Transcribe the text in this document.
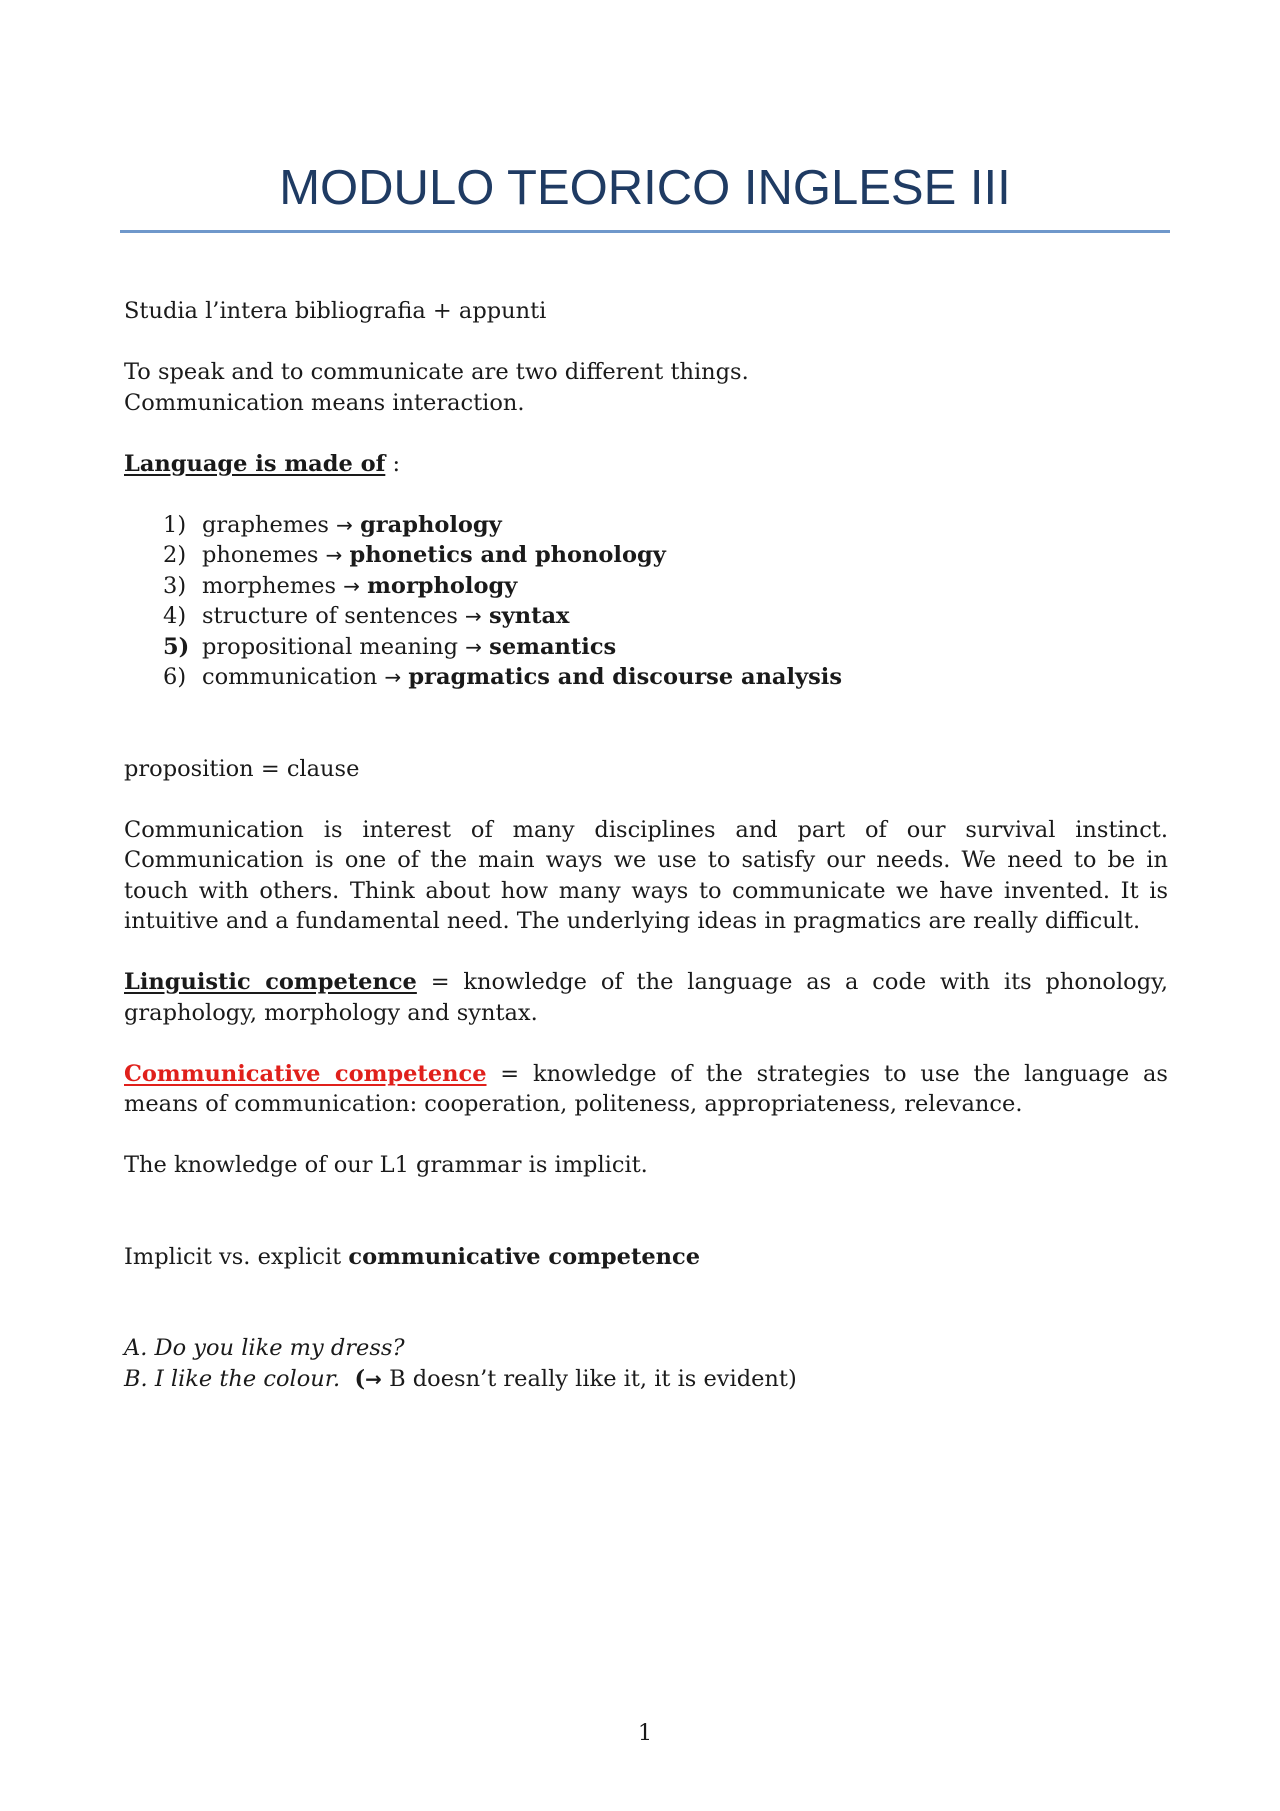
MODULO TEORICO INGLESE III

Studia l’intera bibliografia + appunti

To speak and to communicate are two different things.

Communication means interaction.

Language is made of :

1) graphemes → graphology
2) phonemes → phonetics and phonology
3) morphemes → morphology
4) structure of sentences → syntax
5) propositional meaning → semantics
6) communication → pragmatics and discourse analysis

proposition = clause

Communication is interest of many disciplines and part of our survival instinct.

Communication is one of the main ways we use to satisfy our needs. We need to be in touch with others. Think about how many ways to communicate we have invented. It is intuitive and a fundamental need. The underlying ideas in pragmatics are really difficult.

Linguistic competence = knowledge of the language as a code with its phonology, graphology, morphology and syntax.

Communicative competence = knowledge of the strategies to use the language as means of communication: cooperation, politeness, appropriateness, relevance.

The knowledge of our L1 grammar is implicit.

Implicit vs. explicit communicative competence

A. Do you like my dress?

B. I like the colour. (→ B doesn’t really like it, it is evident)

1
